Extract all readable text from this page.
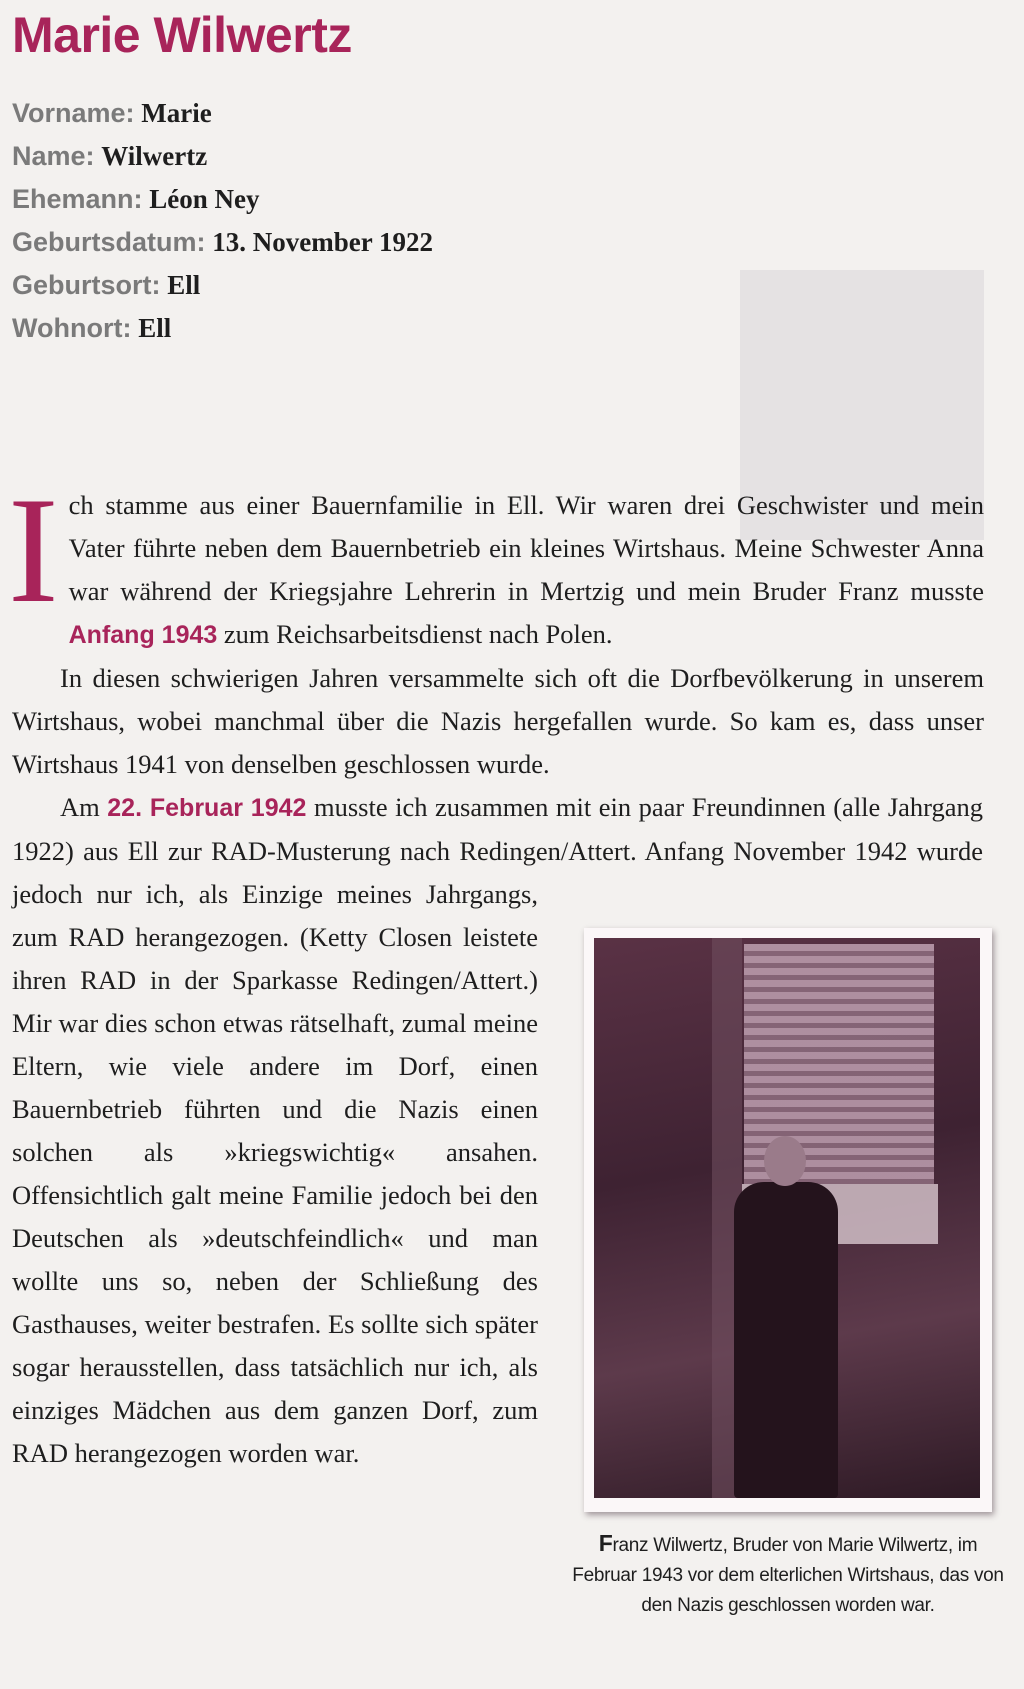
Marie Wilwertz
Vorname: Marie
Name: Wilwertz
Ehemann: Léon Ney
Geburtsdatum: 13. November 1922
Geburtsort: Ell
Wohnort: Ell

Ich stamme aus einer Bauernfamilie in Ell. Wir waren drei Geschwister und mein Vater führte neben dem Bauernbetrieb ein kleines Wirtshaus. Meine Schwester Anna war während der Kriegsjahre Lehrerin in Mertzig und mein Bruder Franz musste Anfang 1943 zum Reichsarbeitsdienst nach Polen.

In diesen schwierigen Jahren versammelte sich oft die Dorfbevölkerung in unserem Wirtshaus, wobei manchmal über die Nazis hergefallen wurde. So kam es, dass unser Wirtshaus 1941 von denselben geschlossen wurde.

Am 22. Februar 1942 musste ich zusammen mit ein paar Freundinnen (alle Jahrgang 1922) aus Ell zur RAD-Musterung nach Redingen/Attert. Anfang November 1942 wurde jedoch nur ich, als Einzige meines Jahrgangs, zum RAD herangezogen. (Ketty Closen leistete ihren RAD in der Sparkasse Redingen/Attert.) Mir war dies schon etwas rätselhaft, zumal meine Eltern, wie viele andere im Dorf, einen Bauernbetrieb führten und die Nazis einen solchen als »kriegswichtig« ansahen. Offensichtlich galt meine Familie jedoch bei den Deutschen als »deutschfeindlich« und man wollte uns so, neben der Schließung des Gasthauses, weiter bestrafen. Es sollte sich später sogar herausstellen, dass tatsächlich nur ich, als einziges Mädchen aus dem ganzen Dorf, zum RAD herangezogen worden war.

Franz Wilwertz, Bruder von Marie Wilwertz, im Februar 1943 vor dem elterlichen Wirtshaus, das von den Nazis geschlossen worden war.
